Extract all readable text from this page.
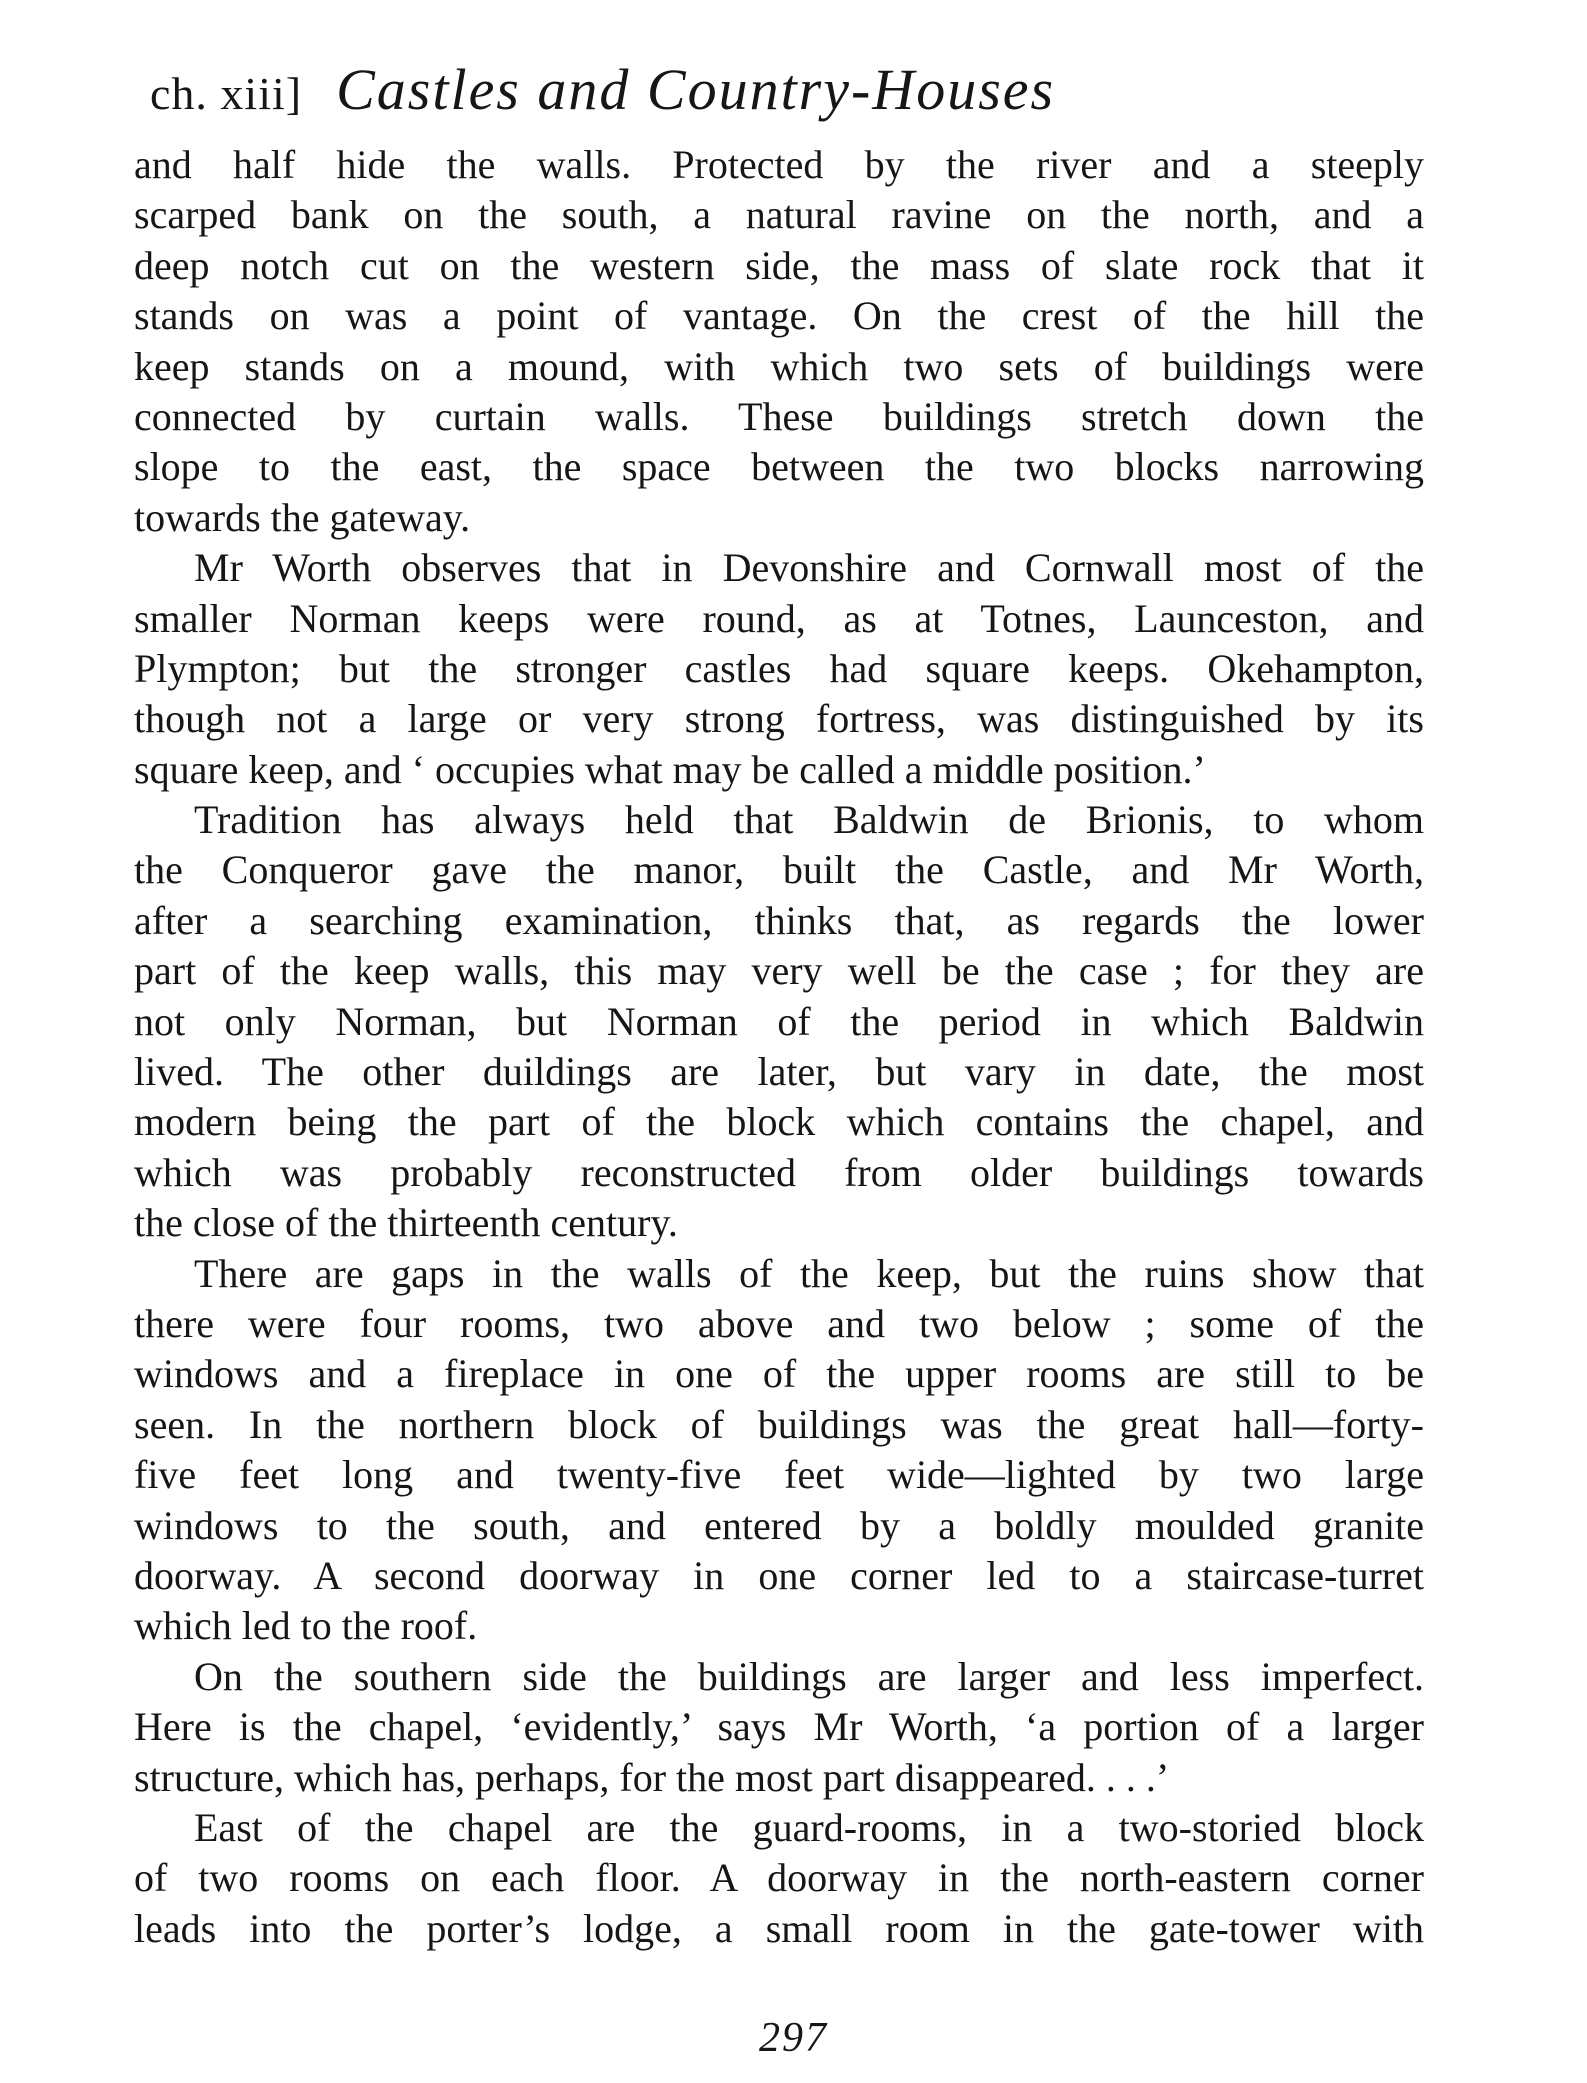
ch. xiii] Castles and Country-Houses
and half hide the walls. Protected by the river and a steeply
scarped bank on the south, a natural ravine on the north, and a
deep notch cut on the western side, the mass of slate rock that it
stands on was a point of vantage. On the crest of the hill the
keep stands on a mound, with which two sets of buildings were
connected by curtain walls. These buildings stretch down the
slope to the east, the space between the two blocks narrowing
towards the gateway.
Mr Worth observes that in Devonshire and Cornwall most of the
smaller Norman keeps were round, as at Totnes, Launceston, and
Plympton; but the stronger castles had square keeps. Okehampton,
though not a large or very strong fortress, was distinguished by its
square keep, and ‘ occupies what may be called a middle position.’
Tradition has always held that Baldwin de Brionis, to whom
the Conqueror gave the manor, built the Castle, and Mr Worth,
after a searching examination, thinks that, as regards the lower
part of the keep walls, this may very well be the case ; for they are
not only Norman, but Norman of the period in which Baldwin
lived. The other duildings are later, but vary in date, the most
modern being the part of the block which contains the chapel, and
which was probably reconstructed from older buildings towards
the close of the thirteenth century.
There are gaps in the walls of the keep, but the ruins show that
there were four rooms, two above and two below ; some of the
windows and a fireplace in one of the upper rooms are still to be
seen. In the northern block of buildings was the great hall—forty-
five feet long and twenty-five feet wide—lighted by two large
windows to the south, and entered by a boldly moulded granite
doorway. A second doorway in one corner led to a staircase-turret
which led to the roof.
On the southern side the buildings are larger and less imperfect.
Here is the chapel, ‘evidently,’ says Mr Worth, ‘a portion of a larger
structure, which has, perhaps, for the most part disappeared. . . .’
East of the chapel are the guard-rooms, in a two-storied block
of two rooms on each floor. A doorway in the north-eastern corner
leads into the porter’s lodge, a small room in the gate-tower with
297
